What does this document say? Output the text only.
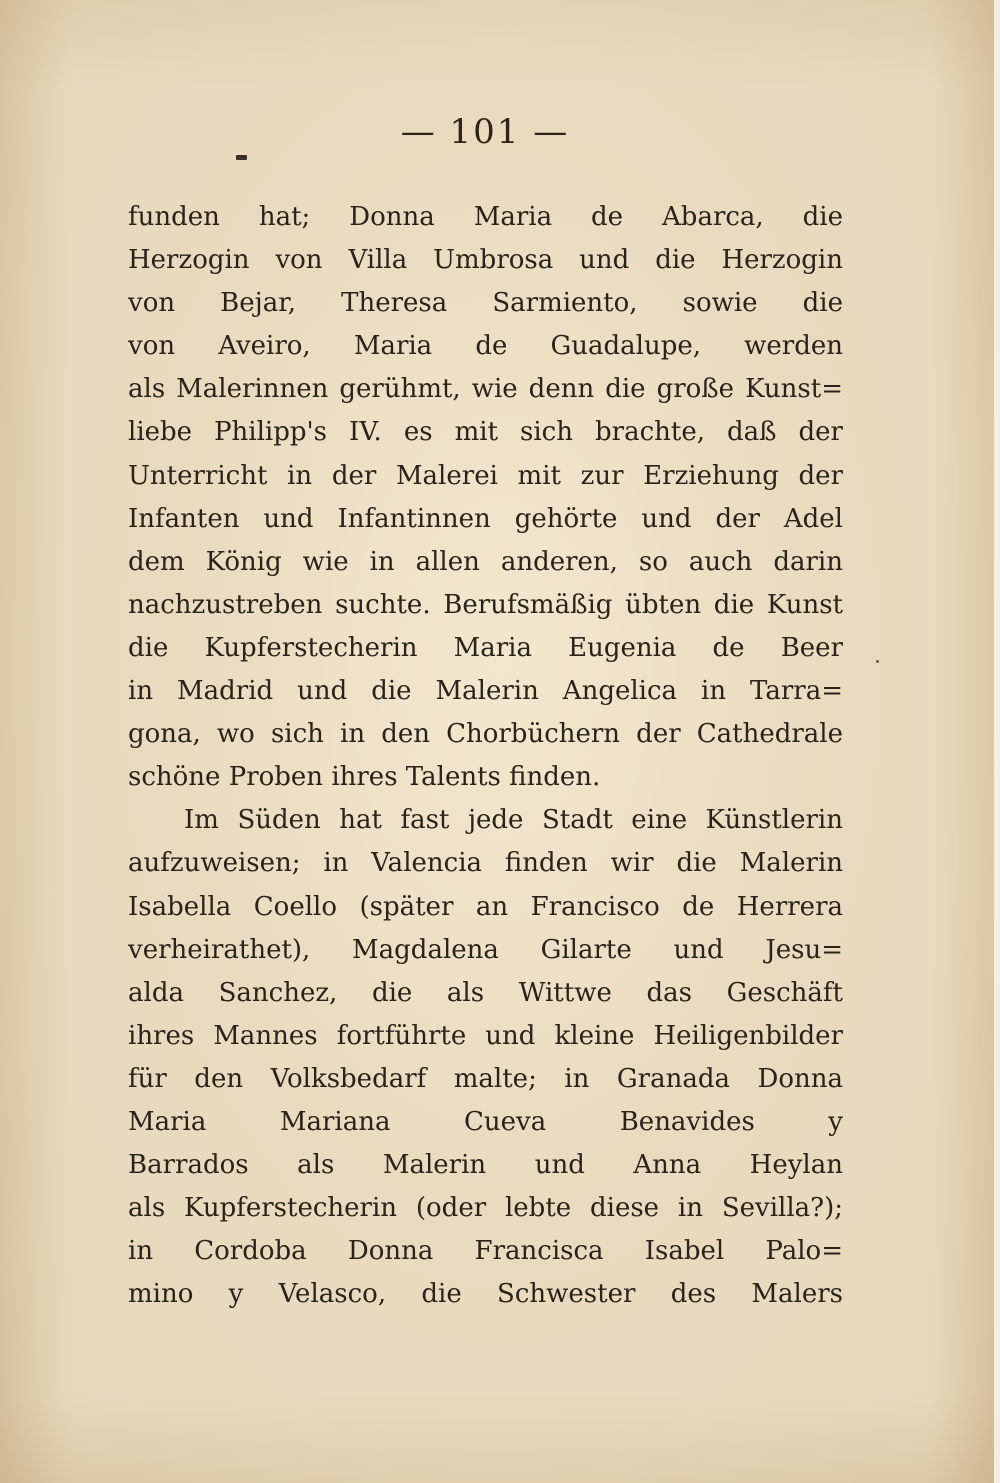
— 101 —
funden hat; Donna Maria de Abarca, die
Herzogin von Villa Umbrosa und die Herzogin
von Bejar, Theresa Sarmiento, sowie die
von Aveiro, Maria de Guadalupe, werden
als Malerinnen gerühmt, wie denn die große Kunst=
liebe Philipp's IV. es mit sich brachte, daß der
Unterricht in der Malerei mit zur Erziehung der
Infanten und Infantinnen gehörte und der Adel
dem König wie in allen anderen, so auch darin
nachzustreben suchte. Berufsmäßig übten die Kunst
die Kupferstecherin Maria Eugenia de Beer
in Madrid und die Malerin Angelica in Tarra=
gona, wo sich in den Chorbüchern der Cathedrale
schöne Proben ihres Talents finden.
Im Süden hat fast jede Stadt eine Künstlerin
aufzuweisen; in Valencia finden wir die Malerin
Isabella Coello (später an Francisco de Herrera
verheirathet), Magdalena Gilarte und Jesu=
alda Sanchez, die als Wittwe das Geschäft
ihres Mannes fortführte und kleine Heiligenbilder
für den Volksbedarf malte; in Granada Donna
Maria Mariana Cueva Benavides y
Barrados als Malerin und Anna Heylan
als Kupferstecherin (oder lebte diese in Sevilla?);
in Cordoba Donna Francisca Isabel Palo=
mino y Velasco, die Schwester des Malers
